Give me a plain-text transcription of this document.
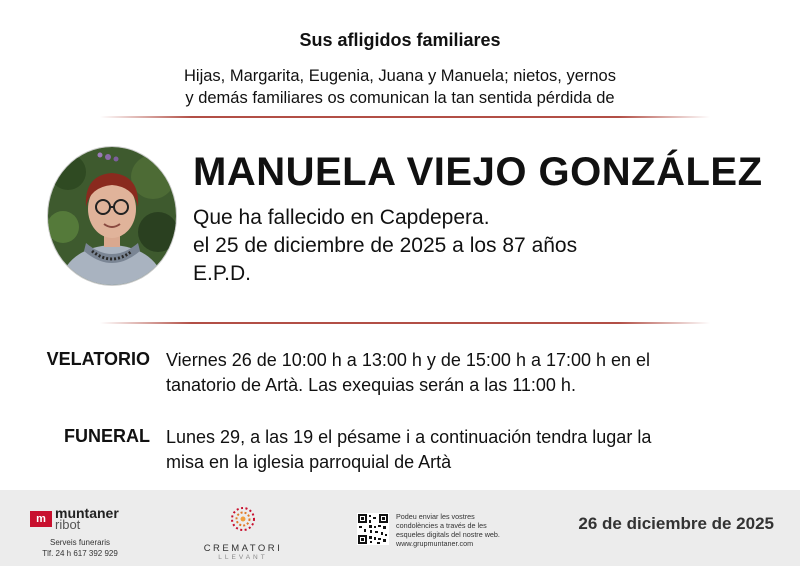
Sus afligidos familiares
Hijas, Margarita, Eugenia, Juana y Manuela; nietos, yernos
y demás familiares os comunican la tan sentida pérdida de
MANUELA VIEJO GONZÁLEZ
Que ha fallecido en Capdepera.
el 25 de diciembre de 2025 a los 87 años
E.P.D.
VELATORIO Viernes 26 de 10:00 h a 13:00 h y de 15:00 h a 17:00 h en el
tanatorio de Artà. Las exequias serán a las 11:00 h.
FUNERAL Lunes 29, a las 19 el pésame i a continuación tendra lugar la
misa en la iglesia parroquial de Artà
m muntaner
ribot
Serveis funeraris
Tlf. 24 h 617 392 929	CREMATORI
LLEVANT
Podeu enviar les vostres
condolències a través de les
esqueles digitals del nostre web.
www.grupmuntaner.com
26 de diciembre de 2025
